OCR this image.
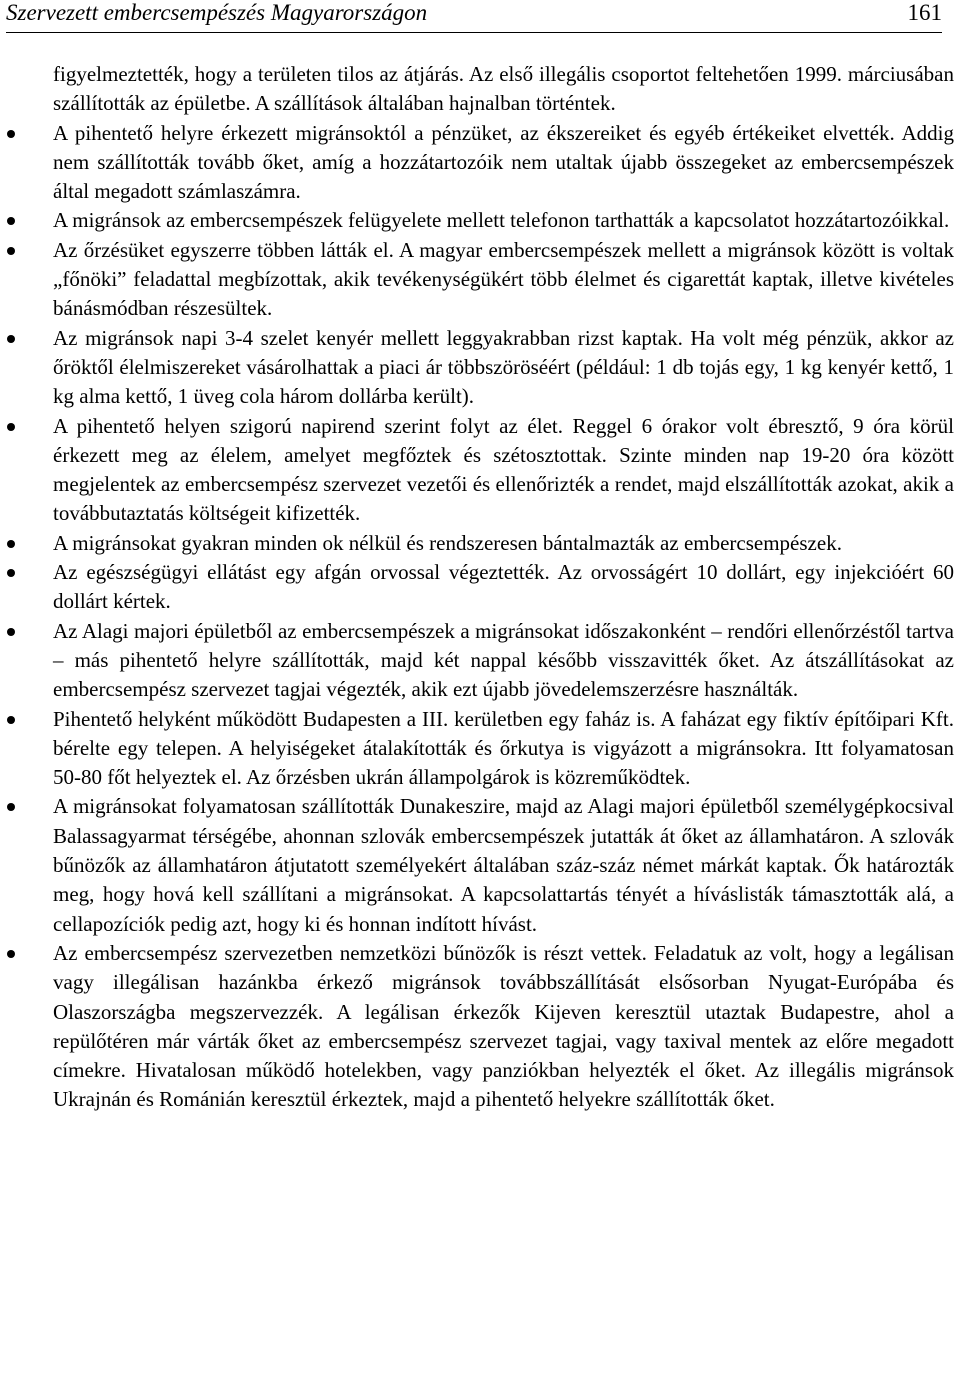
Szervezett embercsempészés Magyarországon	161

figyelmeztették, hogy a területen tilos az átjárás. Az első illegális csoportot feltehetően 1999. márciusában szállították az épületbe. A szállítások általában hajnalban történtek.

A pihentető helyre érkezett migránsoktól a pénzüket, az ékszereiket és egyéb értékeiket elvették. Addig nem szállították tovább őket, amíg a hozzátartozóik nem utaltak újabb összegeket az embercsempészek által megadott számlaszámra.
A migránsok az embercsempészek felügyelete mellett telefonon tarthatták a kapcsolatot hozzátartozóikkal.
Az őrzésüket egyszerre többen látták el. A magyar embercsempészek mellett a migránsok között is voltak „főnöki” feladattal megbízottak, akik tevékenységükért több élelmet és cigarettát kaptak, illetve kivételes bánásmódban részesültek.
Az migránsok napi 3-4 szelet kenyér mellett leggyakrabban rizst kaptak. Ha volt még pénzük, akkor az őröktől élelmiszereket vásárolhattak a piaci ár többszöröséért (például: 1 db tojás egy, 1 kg kenyér kettő, 1 kg alma kettő, 1 üveg cola három dollárba került).
A pihentető helyen szigorú napirend szerint folyt az élet. Reggel 6 órakor volt ébresztő, 9 óra körül érkezett meg az élelem, amelyet megfőztek és szétosztottak. Szinte minden nap 19-20 óra között megjelentek az embercsempész szervezet vezetői és ellenőrizték a rendet, majd elszállították azokat, akik a továbbutaztatás költségeit kifizették.
A migránsokat gyakran minden ok nélkül és rendszeresen bántalmazták az embercsempészek.
Az egészségügyi ellátást egy afgán orvossal végeztették. Az orvosságért 10 dollárt, egy injekcióért 60 dollárt kértek.
Az Alagi majori épületből az embercsempészek a migránsokat időszakonként – rendőri ellenőrzéstől tartva – más pihentető helyre szállították, majd két nappal később visszavitték őket. Az átszállításokat az embercsempész szervezet tagjai végezték, akik ezt újabb jövedelemszerzésre használták.
Pihentető helyként működött Budapesten a III. kerületben egy faház is. A faházat egy fiktív építőipari Kft. bérelte egy telepen. A helyiségeket átalakították és őrkutya is vigyázott a migránsokra. Itt folyamatosan 50-80 főt helyeztek el. Az őrzésben ukrán állampolgárok is közreműködtek.
A migránsokat folyamatosan szállították Dunakeszire, majd az Alagi majori épületből személygépkocsival Balassagyarmat térségébe, ahonnan szlovák embercsempészek jutatták át őket az államhatáron. A szlovák bűnözők az államhatáron átjutatott személyekért általában száz-száz német márkát kaptak. Ők határozták meg, hogy hová kell szállítani a migránsokat. A kapcsolattartás tényét a híváslisták támasztották alá, a cellapozíciók pedig azt, hogy ki és honnan indított hívást.
Az embercsempész szervezetben nemzetközi bűnözők is részt vettek. Feladatuk az volt, hogy a legálisan vagy illegálisan hazánkba érkező migránsok továbbszállítását elsősorban Nyugat-Európába és Olaszországba megszervezzék. A legálisan érkezők Kijeven keresztül utaztak Budapestre, ahol a repülőtéren már várták őket az embercsempész szervezet tagjai, vagy taxival mentek az előre megadott címekre. Hivatalosan működő hotelekben, vagy panziókban helyezték el őket. Az illegális migránsok Ukrajnán és Románián keresztül érkeztek, majd a pihentető helyekre szállították őket.
